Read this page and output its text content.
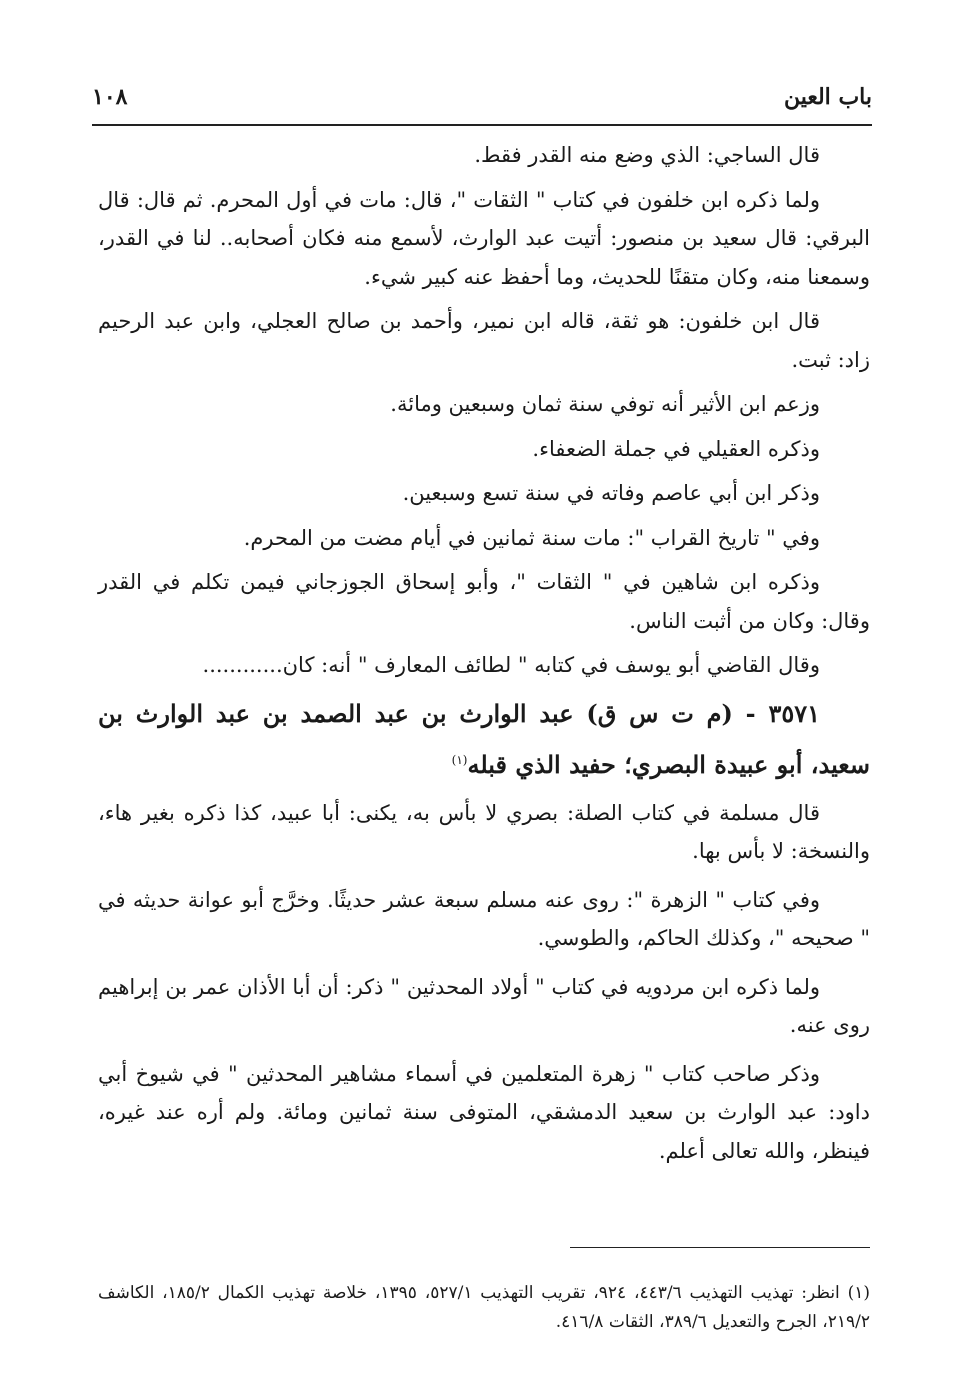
باب العين
١٠٨

قال الساجي: الذي وضع منه القدر فقط.

ولما ذكره ابن خلفون في كتاب " الثقات "، قال: مات في أول المحرم. ثم قال: قال البرقي: قال سعيد بن منصور: أتيت عبد الوارث، لأسمع منه فكان أصحابه.. لنا في القدر، وسمعنا منه، وكان متقنًا للحديث، وما أحفظ عنه كبير شيء.

قال ابن خلفون: هو ثقة، قاله ابن نمير، وأحمد بن صالح العجلي، وابن عبد الرحيم زاد: ثبت.

وزعم ابن الأثير أنه توفي سنة ثمان وسبعين ومائة.

وذكره العقيلي في جملة الضعفاء.

وذكر ابن أبي عاصم وفاته في سنة تسع وسبعين.

وفي " تاريخ القراب ": مات سنة ثمانين في أيام مضت من المحرم.

وذكره ابن شاهين في " الثقات "، وأبو إسحاق الجوزجاني فيمن تكلم في القدر وقال: وكان من أثبت الناس.

وقال القاضي أبو يوسف في كتابه " لطائف المعارف " أنه: كان............

٣٥٧١ - (م ت س ق) عبد الوارث بن عبد الصمد بن عبد الوارث بن سعيد، أبو عبيدة البصري؛ حفيد الذي قبله$^{(١)}$

قال مسلمة في كتاب الصلة: بصري لا بأس به، يكنى: أبا عبيد، كذا ذكره بغير هاء، والنسخة: لا بأس بها.

وفي كتاب " الزهرة ": روى عنه مسلم سبعة عشر حديثًا. وخرَّج أبو عوانة حديثه في " صحيحه "، وكذلك الحاكم، والطوسي.

ولما ذكره ابن مردويه في كتاب " أولاد المحدثين " ذكر: أن أبا الأذان عمر بن إبراهيم روى عنه.

وذكر صاحب كتاب " زهرة المتعلمين في أسماء مشاهير المحدثين " في شيوخ أبي داود: عبد الوارث بن سعيد الدمشقي، المتوفى سنة ثمانين ومائة. ولم أره عند غيره، فينظر، والله تعالى أعلم.

(١) انظر: تهذيب التهذيب ٤٤٣/٦، ٩٢٤، تقريب التهذيب ٥٢٧/١، ١٣٩٥، خلاصة تهذيب الكمال ١٨٥/٢، الكاشف ٢١٩/٢، الجرح والتعديل ٣٨٩/٦، الثقات ٤١٦/٨.
